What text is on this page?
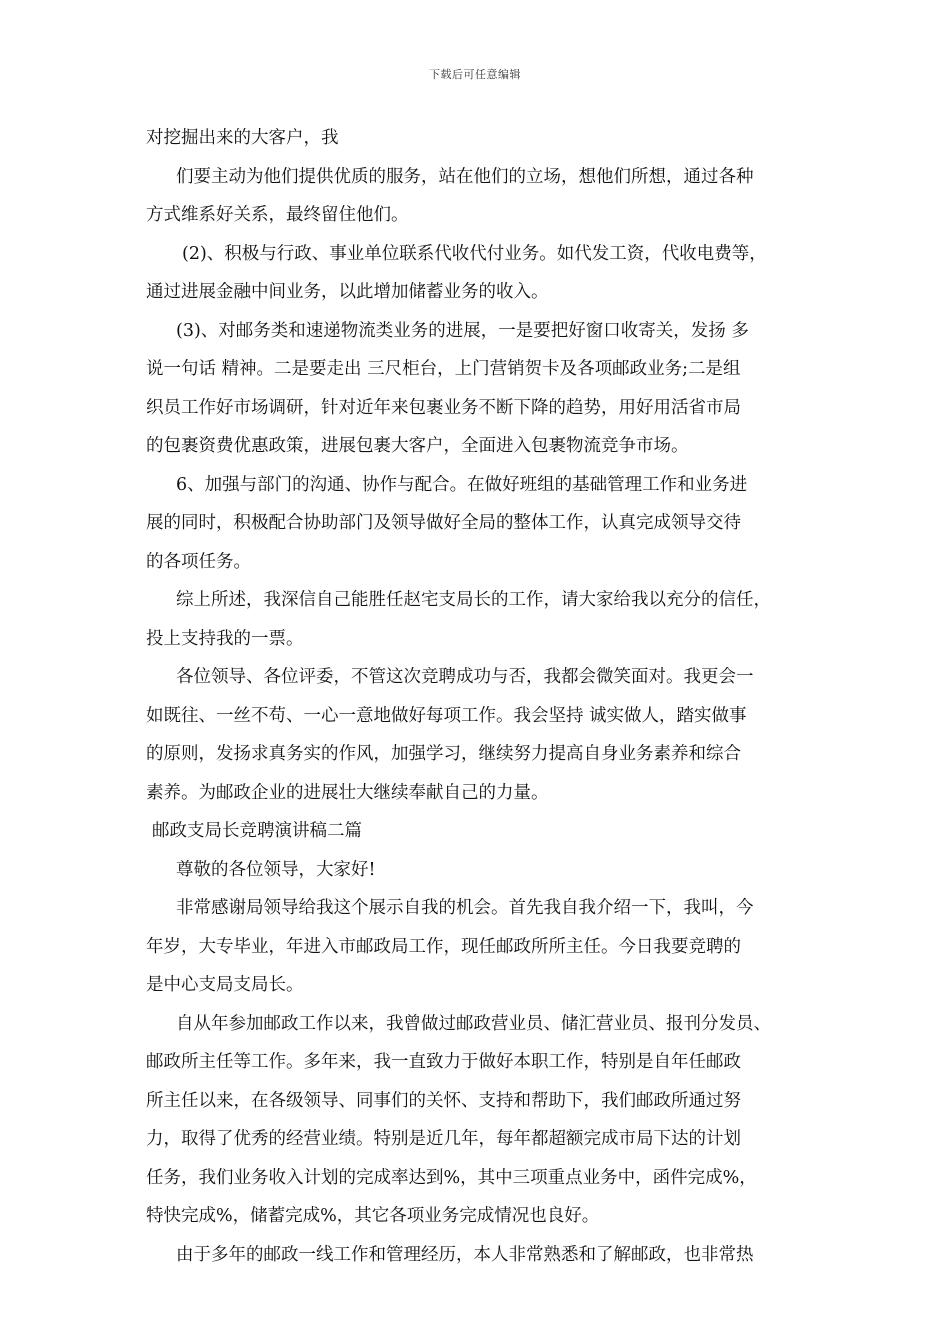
下载后可任意编辑
对挖掘出来的大客户，我
们要主动为他们提供优质的服务，站在他们的立场，想他们所想，通过各种
方式维系好关系，最终留住他们。
(2)、积极与行政、事业单位联系代收代付业务。如代发工资，代收电费等，
通过进展金融中间业务，以此增加储蓄业务的收入。
(3)、对邮务类和速递物流类业务的进展，一是要把好窗口收寄关，发扬 多
说一句话 精神。二是要走出 三尺柜台，上门营销贺卡及各项邮政业务;二是组
织员工作好市场调研，针对近年来包裹业务不断下降的趋势，用好用活省市局
的包裹资费优惠政策，进展包裹大客户，全面进入包裹物流竞争市场。
6、加强与部门的沟通、协作与配合。在做好班组的基础管理工作和业务进
展的同时，积极配合协助部门及领导做好全局的整体工作，认真完成领导交待
的各项任务。
综上所述，我深信自己能胜任赵宅支局长的工作，请大家给我以充分的信任，
投上支持我的一票。
各位领导、各位评委，不管这次竞聘成功与否，我都会微笑面对。我更会一
如既往、一丝不苟、一心一意地做好每项工作。我会坚持 诚实做人，踏实做事
的原则，发扬求真务实的作风，加强学习，继续努力提高自身业务素养和综合
素养。为邮政企业的进展壮大继续奉献自己的力量。
邮政支局长竞聘演讲稿二篇
尊敬的各位领导，大家好!
非常感谢局领导给我这个展示自我的机会。首先我自我介绍一下，我叫，今
年岁，大专毕业，年进入市邮政局工作，现任邮政所所主任。今日我要竞聘的
是中心支局支局长。
自从年参加邮政工作以来，我曾做过邮政营业员、储汇营业员、报刊分发员、
邮政所主任等工作。多年来，我一直致力于做好本职工作，特别是自年任邮政
所主任以来，在各级领导、同事们的关怀、支持和帮助下，我们邮政所通过努
力，取得了优秀的经营业绩。特别是近几年，每年都超额完成市局下达的计划
任务，我们业务收入计划的完成率达到%，其中三项重点业务中，函件完成%，
特快完成%，储蓄完成%，其它各项业务完成情况也良好。
由于多年的邮政一线工作和管理经历，本人非常熟悉和了解邮政，也非常热
